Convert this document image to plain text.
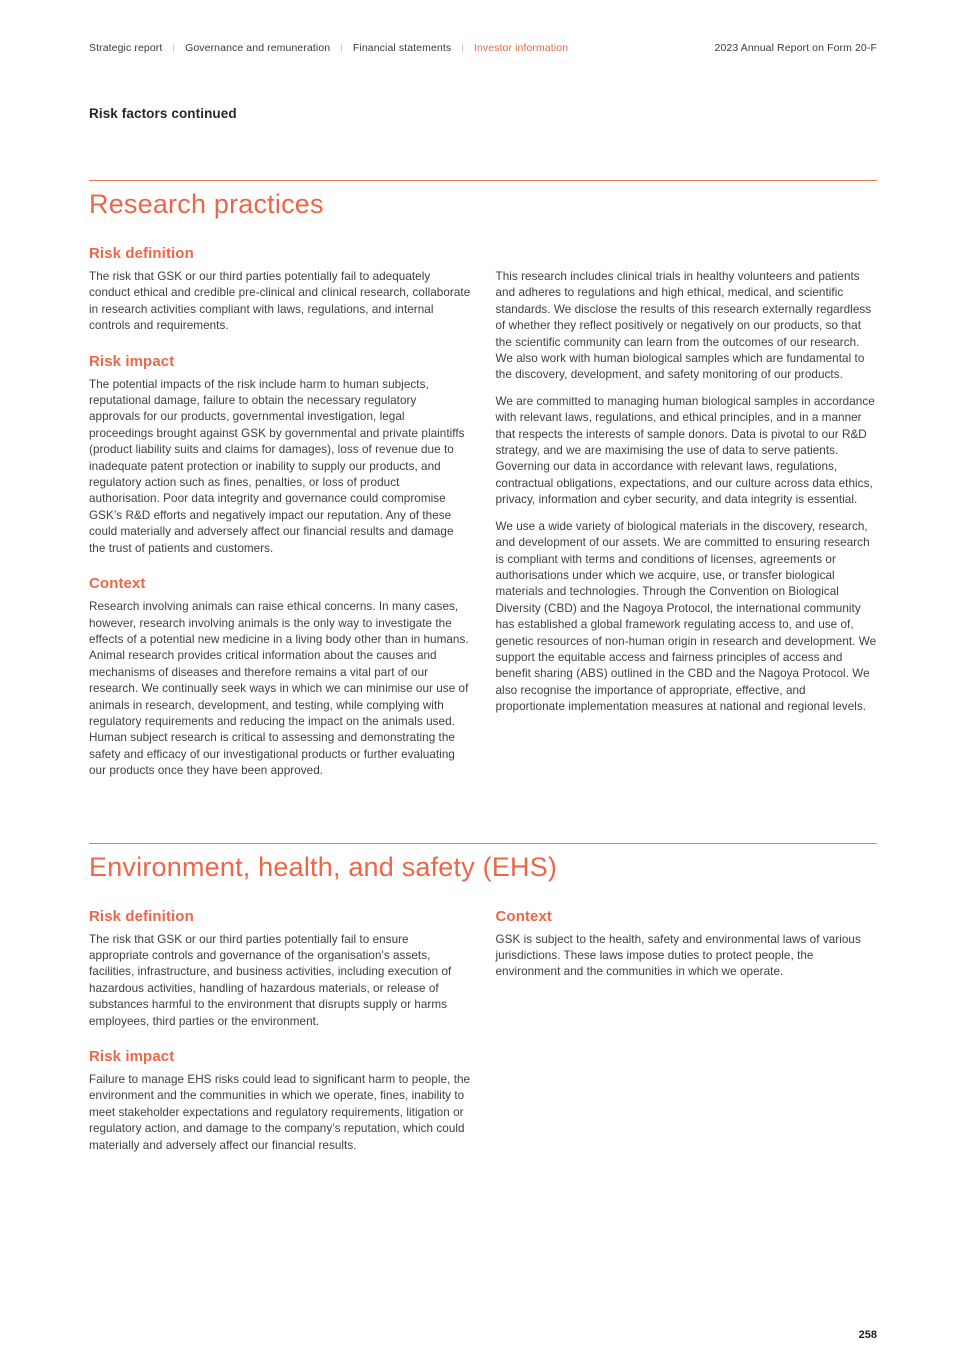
Strategic report | Governance and remuneration | Financial statements | Investor information	2023 Annual Report on Form 20-F
Risk factors continued
Research practices
Risk definition

The risk that GSK or our third parties potentially fail to adequately conduct ethical and credible pre-clinical and clinical research, collaborate in research activities compliant with laws, regulations, and internal controls and requirements.

Risk impact

The potential impacts of the risk include harm to human subjects, reputational damage, failure to obtain the necessary regulatory approvals for our products, governmental investigation, legal proceedings brought against GSK by governmental and private plaintiffs (product liability suits and claims for damages), loss of revenue due to inadequate patent protection or inability to supply our products, and regulatory action such as fines, penalties, or loss of product authorisation. Poor data integrity and governance could compromise GSK’s R&D efforts and negatively impact our reputation. Any of these could materially and adversely affect our financial results and damage the trust of patients and customers.

Context

Research involving animals can raise ethical concerns. In many cases, however, research involving animals is the only way to investigate the effects of a potential new medicine in a living body other than in humans. Animal research provides critical information about the causes and mechanisms of diseases and therefore remains a vital part of our research. We continually seek ways in which we can minimise our use of animals in research, development, and testing, while complying with regulatory requirements and reducing the impact on the animals used. Human subject research is critical to assessing and demonstrating the safety and efficacy of our investigational products or further evaluating our products once they have been approved.

This research includes clinical trials in healthy volunteers and patients and adheres to regulations and high ethical, medical, and scientific standards. We disclose the results of this research externally regardless of whether they reflect positively or negatively on our products, so that the scientific community can learn from the outcomes of our research. We also work with human biological samples which are fundamental to the discovery, development, and safety monitoring of our products.

We are committed to managing human biological samples in accordance with relevant laws, regulations, and ethical principles, and in a manner that respects the interests of sample donors. Data is pivotal to our R&D strategy, and we are maximising the use of data to serve patients. Governing our data in accordance with relevant laws, regulations, contractual obligations, expectations, and our culture across data ethics, privacy, information and cyber security, and data integrity is essential.

We use a wide variety of biological materials in the discovery, research, and development of our assets. We are committed to ensuring research is compliant with terms and conditions of licenses, agreements or authorisations under which we acquire, use, or transfer biological materials and technologies. Through the Convention on Biological Diversity (CBD) and the Nagoya Protocol, the international community has established a global framework regulating access to, and use of, genetic resources of non-human origin in research and development. We support the equitable access and fairness principles of access and benefit sharing (ABS) outlined in the CBD and the Nagoya Protocol. We also recognise the importance of appropriate, effective, and proportionate implementation measures at national and regional levels.

Environment, health, and safety (EHS)
Risk definition

The risk that GSK or our third parties potentially fail to ensure appropriate controls and governance of the organisation's assets, facilities, infrastructure, and business activities, including execution of hazardous activities, handling of hazardous materials, or release of substances harmful to the environment that disrupts supply or harms employees, third parties or the environment.

Risk impact

Failure to manage EHS risks could lead to significant harm to people, the environment and the communities in which we operate, fines, inability to meet stakeholder expectations and regulatory requirements, litigation or regulatory action, and damage to the company’s reputation, which could materially and adversely affect our financial results.

Context

GSK is subject to the health, safety and environmental laws of various jurisdictions. These laws impose duties to protect people, the environment and the communities in which we operate.

258
